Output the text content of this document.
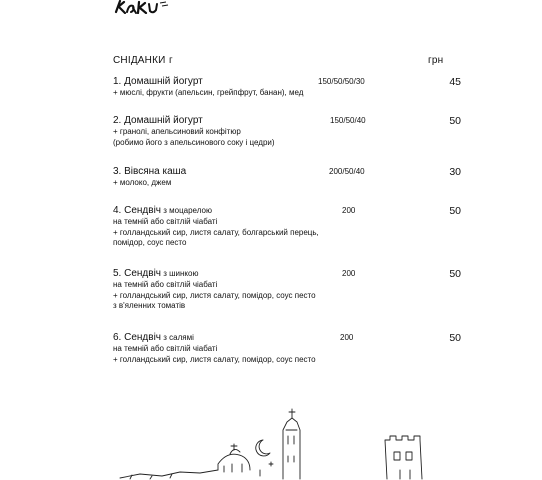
СНІДАНКИ г	грн
1. Домашній йогурт	150/50/50/30	45
+ мюслі, фрукти (апельсин, грейпфрут, банан), мед
2. Домашній йогурт	150/50/40	50
+ гранолі, апельсиновий конфітюр
(робимо його з апельсинового соку і цедри)
3. Вівсяна каша	200/50/40	30
+ молоко, джем
4. Сендвіч з моцарелою	200	50
на темній або світлій чіабаті
+ голландський сир, листя салату, болгарський перець,
помідор, соус песто
5. Сендвіч з шинкою	200	50
на темній або світлій чіабаті
+ голландський сир, листя салату, помідор, соус песто
з в'яленних томатів
6. Сендвіч з салямі	200	50
на темній або світлій чіабаті
+ голландський сир, листя салату, помідор, соус песто
